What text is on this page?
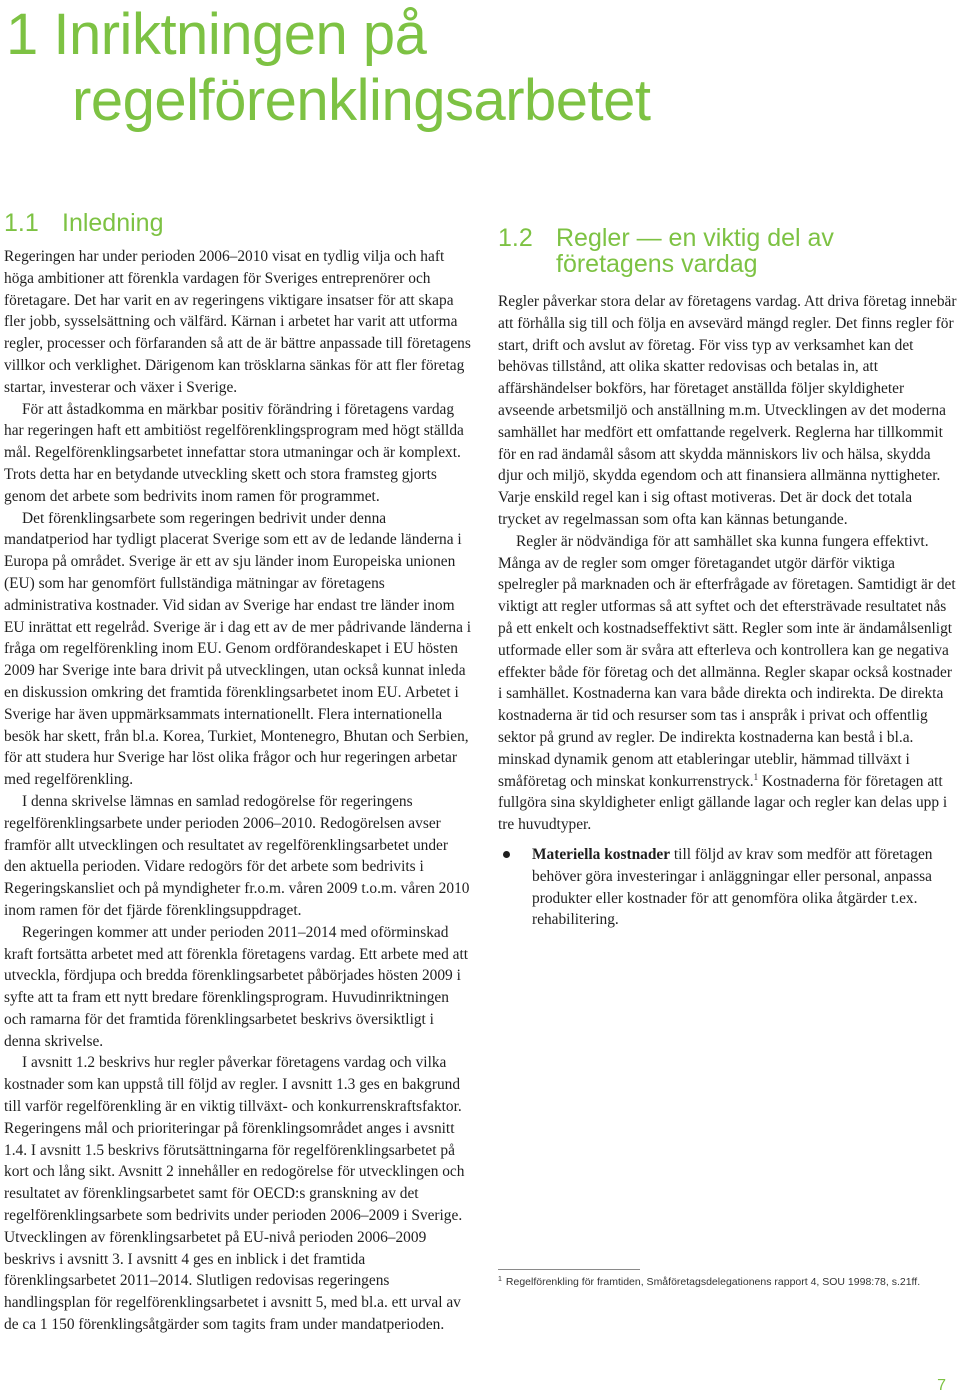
1 Inriktningen på
regelförenklingsarbetet
1.1 Inledning

Regeringen har under perioden 2006–2010 visat en tydlig vilja och haft höga ambitioner att förenkla vardagen för Sveriges entreprenörer och företagare. Det har varit en av regeringens viktigare insatser för att skapa fler jobb, sysselsättning och välfärd. Kärnan i arbetet har varit att utforma regler, processer och förfaranden så att de är bättre anpassade till företagens villkor och verklighet. Därigenom kan trösklarna sänkas för att fler företag startar, investerar och växer i Sverige.

För att åstadkomma en märkbar positiv förändring i företagens vardag har regeringen haft ett ambitiöst regelförenklingsprogram med högt ställda mål. Regelförenklingsarbetet innefattar stora utmaningar och är komplext. Trots detta har en betydande utveckling skett och stora framsteg gjorts genom det arbete som bedrivits inom ramen för programmet.

Det förenklingsarbete som regeringen bedrivit under denna mandatperiod har tydligt placerat Sverige som ett av de ledande länderna i Europa på området. Sverige är ett av sju länder inom Europeiska unionen (EU) som har genomfört fullständiga mätningar av företagens administrativa kostnader. Vid sidan av Sverige har endast tre länder inom EU inrättat ett regelråd. Sverige är i dag ett av de mer pådrivande länderna i fråga om regelförenkling inom EU. Genom ordförandeskapet i EU hösten 2009 har Sverige inte bara drivit på utvecklingen, utan också kunnat inleda en diskussion omkring det framtida förenklingsarbetet inom EU. Arbetet i Sverige har även uppmärksammats internationellt. Flera internationella besök har skett, från bl.a. Korea, Turkiet, Montenegro, Bhutan och Serbien, för att studera hur Sverige har löst olika frågor och hur regeringen arbetar med regelförenkling.

I denna skrivelse lämnas en samlad redogörelse för regeringens regelförenklingsarbete under perioden 2006–2010. Redogörelsen avser framför allt utvecklingen och resultatet av regelförenklingsarbetet under den aktuella perioden. Vidare redogörs för det arbete som bedrivits i Regeringskansliet och på myndigheter fr.o.m. våren 2009 t.o.m. våren 2010 inom ramen för det fjärde förenklingsuppdraget.

Regeringen kommer att under perioden 2011–2014 med oförminskad kraft fortsätta arbetet med att förenkla företagens vardag. Ett arbete med att utveckla, fördjupa och bredda förenklingsarbetet påbörjades hösten 2009 i syfte att ta fram ett nytt bredare förenklingsprogram. Huvudinriktningen och ramarna för det framtida förenklingsarbetet beskrivs översiktligt i denna skrivelse.

I avsnitt 1.2 beskrivs hur regler påverkar företagens vardag och vilka kostnader som kan uppstå till följd av regler. I avsnitt 1.3 ges en bakgrund till varför regelförenkling är en viktig tillväxt- och konkurrenskraftsfaktor. Regeringens mål och prioriteringar på förenklingsområdet anges i avsnitt 1.4. I avsnitt 1.5 beskrivs förutsättningarna för regelförenklingsarbetet på kort och lång sikt. Avsnitt 2 innehåller en redogörelse för utvecklingen och resultatet av förenklingsarbetet samt för OECD:s granskning av det regelförenklingsarbete som bedrivits under perioden 2006–2009 i Sverige. Utvecklingen av förenklingsarbetet på EU-nivå perioden 2006–2009 beskrivs i avsnitt 3. I avsnitt 4 ges en inblick i det framtida förenklingsarbetet 2011–2014. Slutligen redovisas regeringens handlingsplan för regelförenklingsarbetet i avsnitt 5, med bl.a. ett urval av de ca 1 150 förenklingsåtgärder som tagits fram under mandatperioden.

1.2 Regler — en viktig del av företagens vardag

Regler påverkar stora delar av företagens vardag. Att driva företag innebär att förhålla sig till och följa en avsevärd mängd regler. Det finns regler för start, drift och avslut av företag. För viss typ av verksamhet kan det behövas tillstånd, att olika skatter redovisas och betalas in, att affärshändelser bokförs, har företaget anställda följer skyldigheter avseende arbetsmiljö och anställning m.m. Utvecklingen av det moderna samhället har medfört ett omfattande regelverk. Reglerna har tillkommit för en rad ändamål såsom att skydda människors liv och hälsa, skydda djur och miljö, skydda egendom och att finansiera allmänna nyttigheter. Varje enskild regel kan i sig oftast motiveras. Det är dock det totala trycket av regelmassan som ofta kan kännas betungande.

Regler är nödvändiga för att samhället ska kunna fungera effektivt. Många av de regler som omger företagandet utgör därför viktiga spelregler på marknaden och är efterfrågade av företagen. Samtidigt är det viktigt att regler utformas så att syftet och det eftersträvade resultatet nås på ett enkelt och kostnadseffektivt sätt. Regler som inte är ändamålsenligt utformade eller som är svåra att efterleva och kontrollera kan ge negativa effekter både för företag och det allmänna. Regler skapar också kostnader i samhället. Kostnaderna kan vara både direkta och indirekta. De direkta kostnaderna är tid och resurser som tas i anspråk i privat och offentlig sektor på grund av regler. De indirekta kostnaderna kan bestå i bl.a. minskad dynamik genom att etableringar uteblir, hämmad tillväxt i småföretag och minskat konkurrenstryck.$^1$ Kostnaderna för företagen att fullgöra sina skyldigheter enligt gällande lagar och regler kan delas upp i tre huvudtyper.

Materiella kostnader till följd av krav som medför att företagen behöver göra investeringar i anläggningar eller personal, anpassa produkter eller kostnader för att genomföra olika åtgärder t.ex. rehabilitering.
$^1$ Regelförenkling för framtiden, Småföretagsdelegationens rapport 4, SOU 1998:78, s.21ff.
7
